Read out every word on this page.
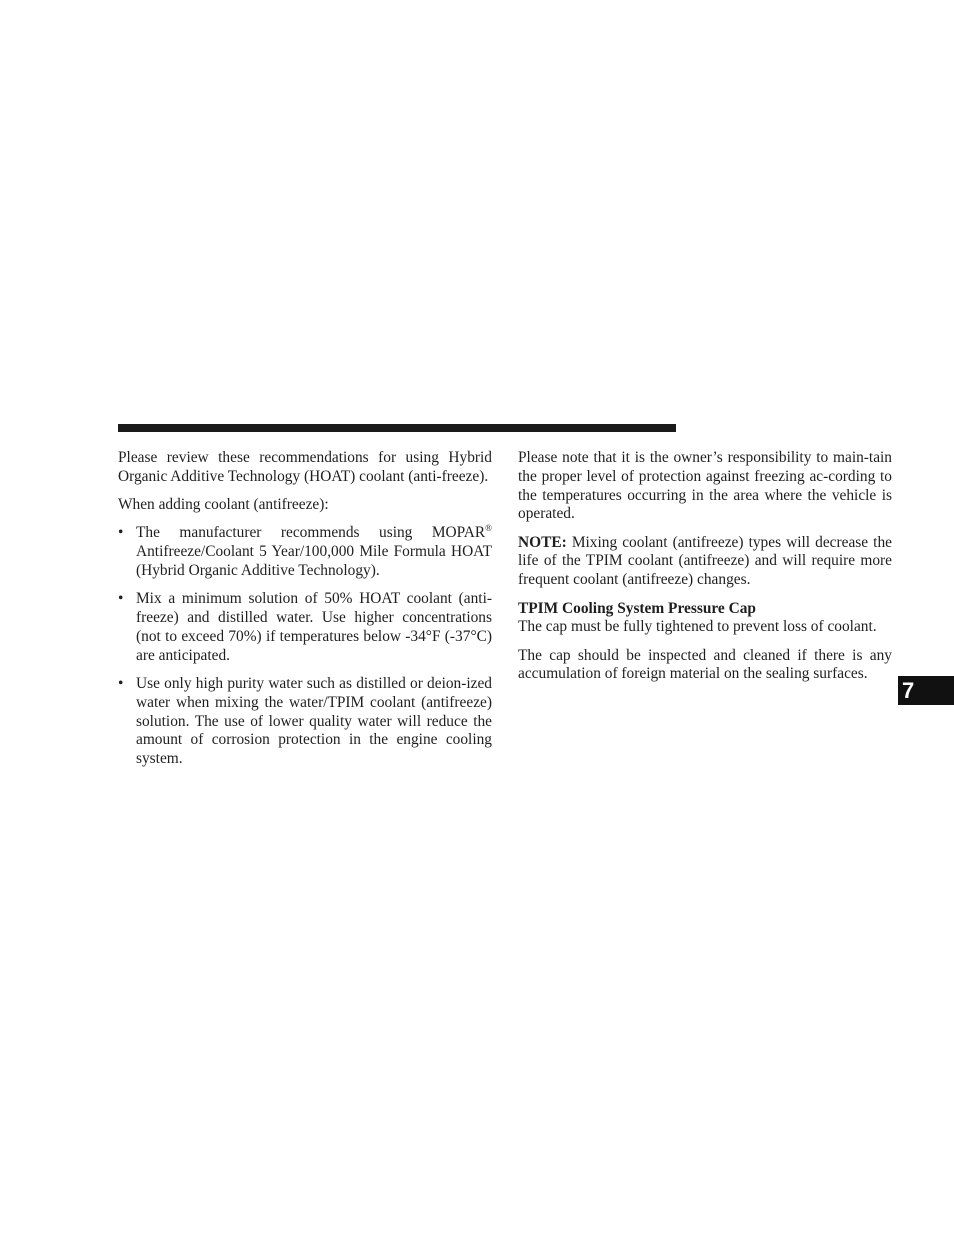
Please review these recommendations for using Hybrid Organic Additive Technology (HOAT) coolant (anti-freeze).

When adding coolant (antifreeze):

• The manufacturer recommends using MOPAR® Antifreeze/Coolant 5 Year/100,000 Mile Formula HOAT (Hybrid Organic Additive Technology).
• Mix a minimum solution of 50% HOAT coolant (anti-freeze) and distilled water. Use higher concentrations (not to exceed 70%) if temperatures below -34°F (-37°C) are anticipated.
• Use only high purity water such as distilled or deion-ized water when mixing the water/TPIM coolant (antifreeze) solution. The use of lower quality water will reduce the amount of corrosion protection in the engine cooling system.

Please note that it is the owner’s responsibility to main-tain the proper level of protection against freezing ac-cording to the temperatures occurring in the area where the vehicle is operated.

NOTE: Mixing coolant (antifreeze) types will decrease the life of the TPIM coolant (antifreeze) and will require more frequent coolant (antifreeze) changes.

TPIM Cooling System Pressure Cap

The cap must be fully tightened to prevent loss of coolant.

The cap should be inspected and cleaned if there is any accumulation of foreign material on the sealing surfaces.

7
